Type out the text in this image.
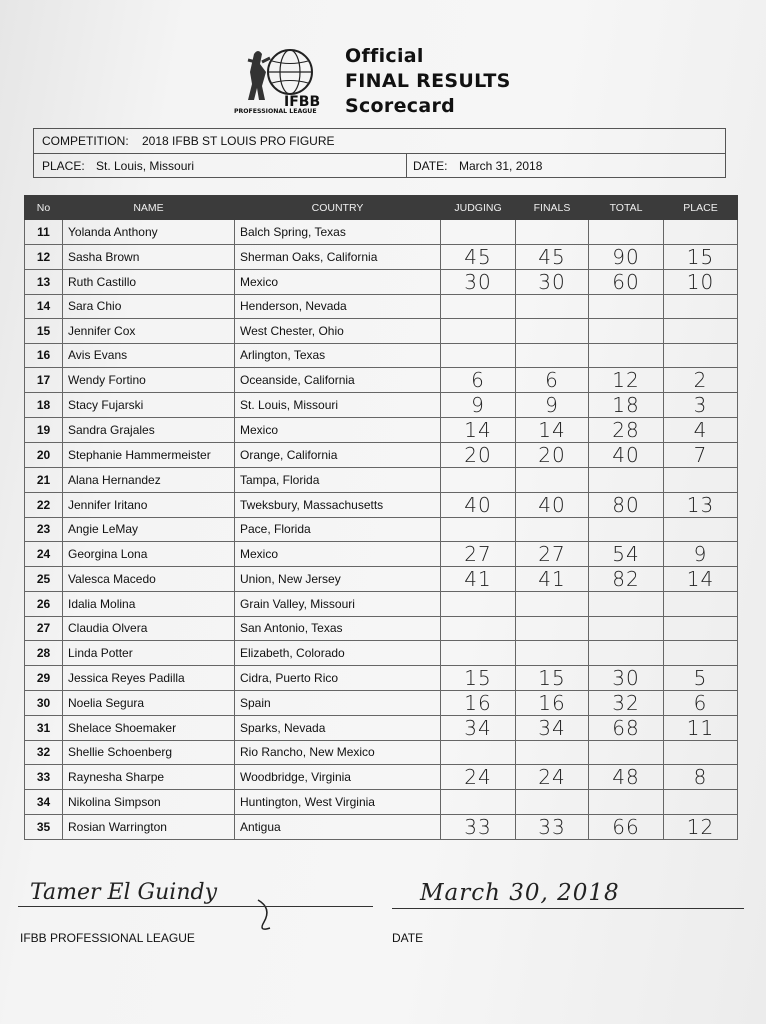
IFBB
PROFESSIONAL LEAGUE
Official
FINAL RESULTS
Scorecard
COMPETITION: 2018 IFBB ST LOUIS PRO FIGURE
PLACE: St. Louis, Missouri	DATE: March 31, 2018
No	NAME	COUNTRY	JUDGING	FINALS	TOTAL	PLACE
11	Yolanda Anthony	Balch Spring, Texas				
12	Sasha Brown	Sherman Oaks, California	45	45	90	15
13	Ruth Castillo	Mexico	30	30	60	10
14	Sara Chio	Henderson, Nevada				
15	Jennifer Cox	West Chester, Ohio				
16	Avis Evans	Arlington, Texas				
17	Wendy Fortino	Oceanside, California	6	6	12	2
18	Stacy Fujarski	St. Louis, Missouri	9	9	18	3
19	Sandra Grajales	Mexico	14	14	28	4
20	Stephanie Hammermeister	Orange, California	20	20	40	7
21	Alana Hernandez	Tampa, Florida				
22	Jennifer Iritano	Tweksbury, Massachusetts	40	40	80	13
23	Angie LeMay	Pace, Florida				
24	Georgina Lona	Mexico	27	27	54	9
25	Valesca Macedo	Union, New Jersey	41	41	82	14
26	Idalia Molina	Grain Valley, Missouri				
27	Claudia Olvera	San Antonio, Texas				
28	Linda Potter	Elizabeth, Colorado				
29	Jessica Reyes Padilla	Cidra, Puerto Rico	15	15	30	5
30	Noelia Segura	Spain	16	16	32	6
31	Shelace Shoemaker	Sparks, Nevada	34	34	68	11
32	Shellie Schoenberg	Rio Rancho, New Mexico				
33	Raynesha Sharpe	Woodbridge, Virginia	24	24	48	8
34	Nikolina Simpson	Huntington, West Virginia				
35	Rosian Warrington	Antigua	33	33	66	12
Tamer El Guindy
IFBB PROFESSIONAL LEAGUE
March 30, 2018
DATE
